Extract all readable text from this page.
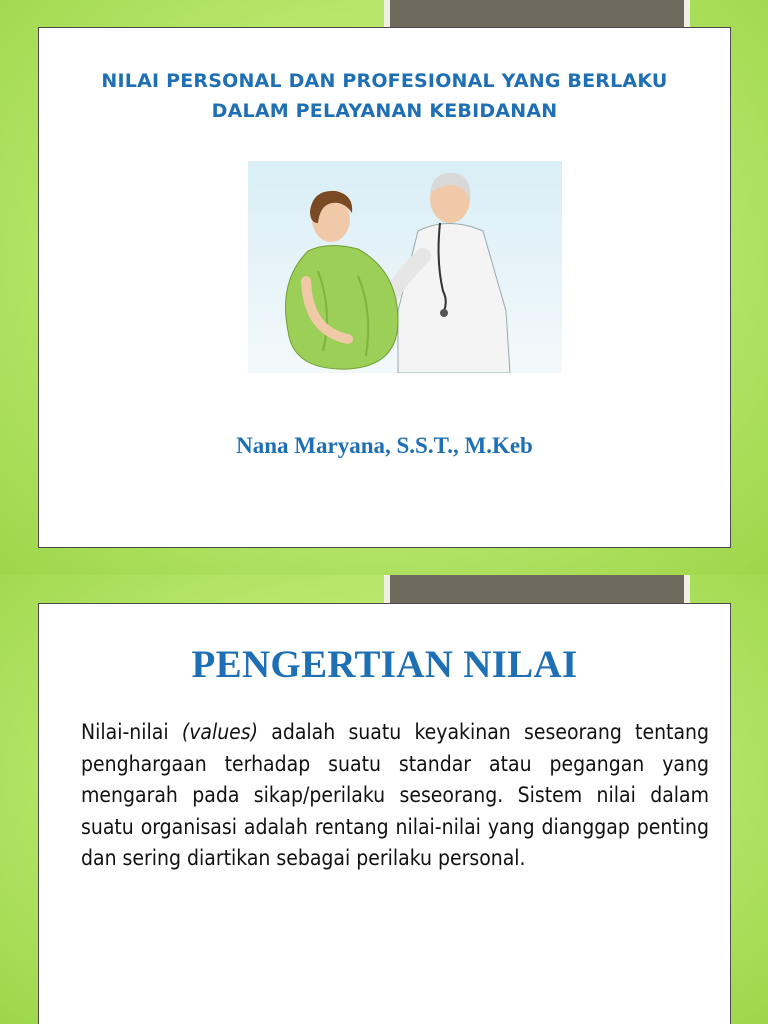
NILAI PERSONAL DAN PROFESIONAL YANG BERLAKU
DALAM PELAYANAN KEBIDANAN
Nana Maryana, S.S.T., M.Keb
PENGERTIAN NILAI
Nilai-nilai (values) adalah suatu keyakinan seseorang tentang penghargaan terhadap suatu standar atau pegangan yang mengarah pada sikap/perilaku seseorang. Sistem nilai dalam suatu organisasi adalah rentang nilai-nilai yang dianggap penting dan sering diartikan sebagai perilaku personal.
